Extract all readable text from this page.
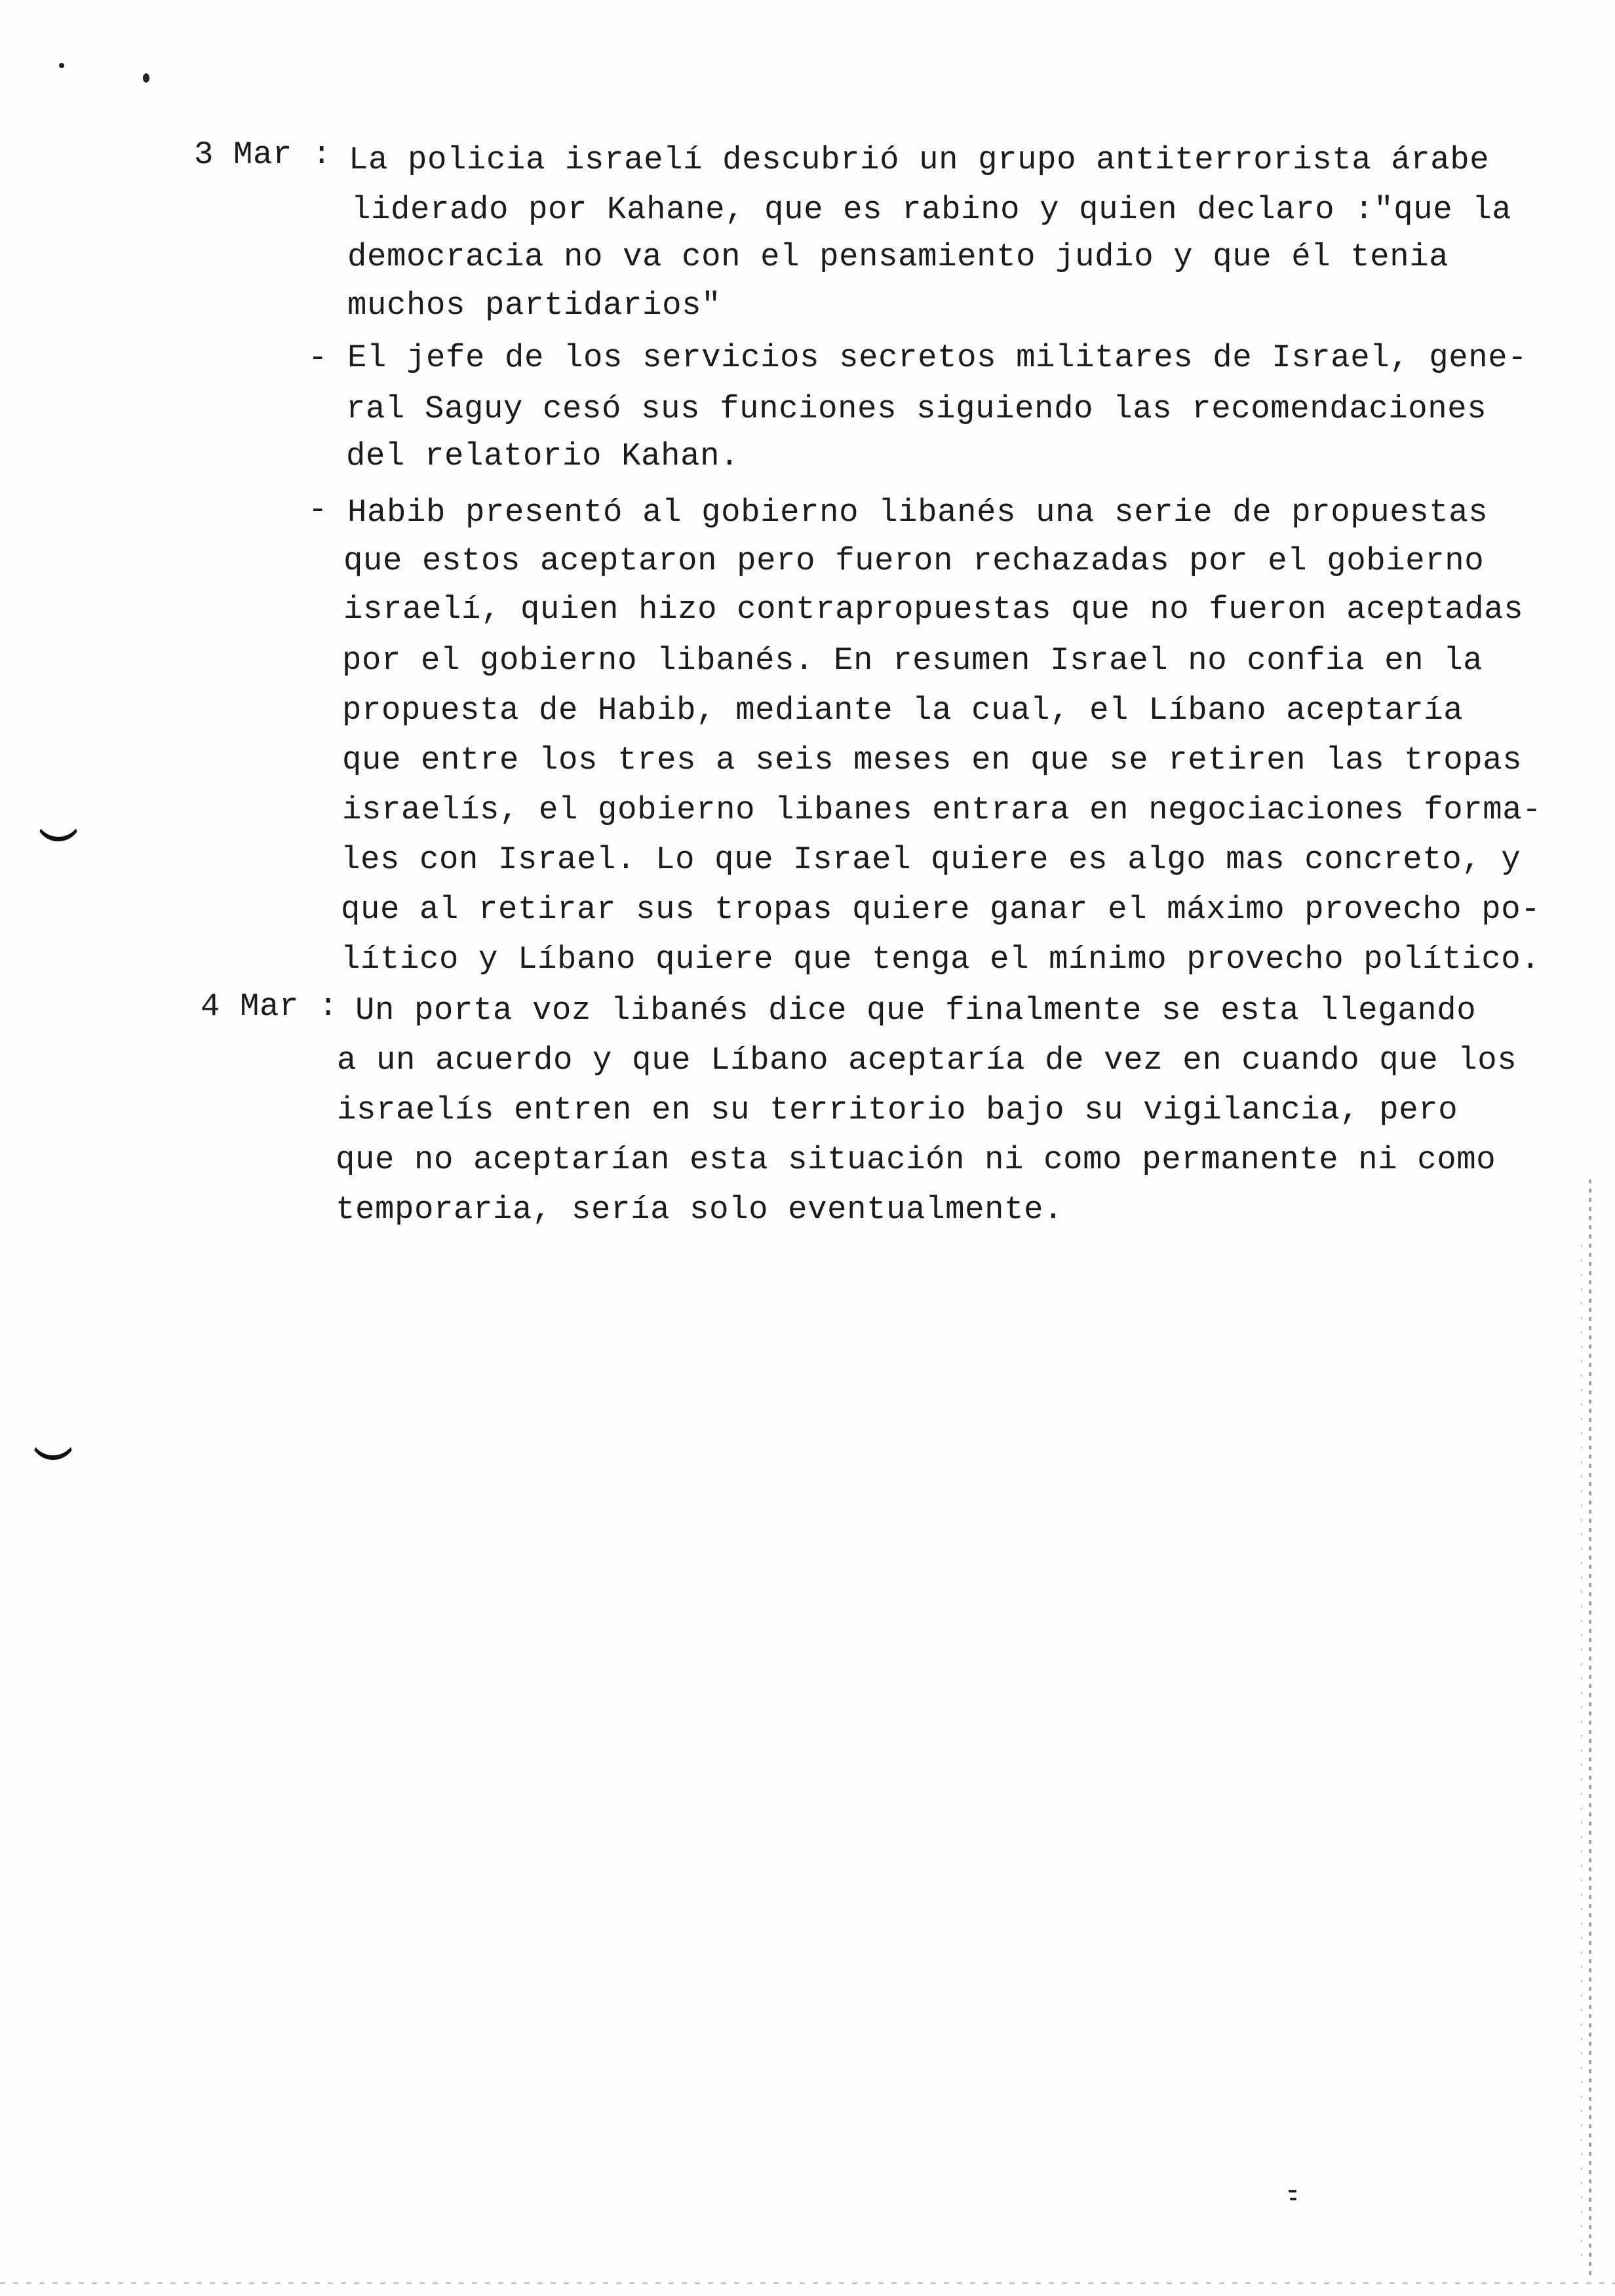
3 Mar : La policia israelí descubrió un grupo antiterrorista árabe
liderado por Kahane, que es rabino y quien declaro :"que la
democracia no va con el pensamiento judio y que él tenia
muchos partidarios"
- El jefe de los servicios secretos militares de Israel, gene-
ral Saguy cesó sus funciones siguiendo las recomendaciones
del relatorio Kahan.
- Habib presentó al gobierno libanés una serie de propuestas
que estos aceptaron pero fueron rechazadas por el gobierno
israelí, quien hizo contrapropuestas que no fueron aceptadas
por el gobierno libanés. En resumen Israel no confia en la
propuesta de Habib, mediante la cual, el Líbano aceptaría
que entre los tres a seis meses en que se retiren las tropas
israelís, el gobierno libanes entrara en negociaciones forma-
les con Israel. Lo que Israel quiere es algo mas concreto, y
que al retirar sus tropas quiere ganar el máximo provecho po-
lítico y Líbano quiere que tenga el mínimo provecho político.
4 Mar : Un porta voz libanés dice que finalmente se esta llegando
a un acuerdo y que Líbano aceptaría de vez en cuando que los
israelís entren en su territorio bajo su vigilancia, pero
que no aceptarían esta situación ni como permanente ni como
temporaria, sería solo eventualmente.
